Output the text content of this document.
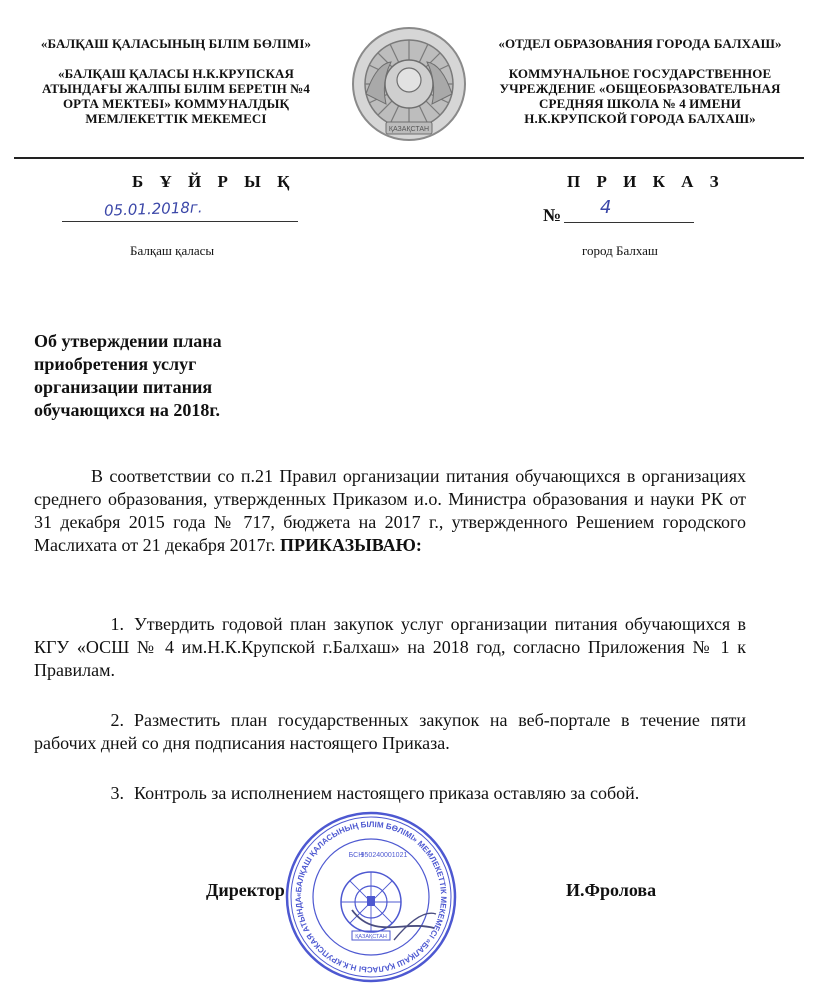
«БАЛҚАШ ҚАЛАСЫНЫҢ БІЛІМ БӨЛІМІ»
«БАЛҚАШ ҚАЛАСЫ Н.К.КРУПСКАЯ
АТЫНДАҒЫ ЖАЛПЫ БІЛІМ БЕРЕТІН №4
ОРТА МЕКТЕБІ» КОММУНАЛДЫҚ
МЕМЛЕКЕТТІК МЕКЕМЕСІ
ҚАЗАҚСТАН
«ОТДЕЛ ОБРАЗОВАНИЯ ГОРОДА БАЛХАШ»
КОММУНАЛЬНОЕ ГОСУДАРСТВЕННОЕ
УЧРЕЖДЕНИЕ «ОБЩЕОБРАЗОВАТЕЛЬНАЯ
СРЕДНЯЯ ШКОЛА № 4 ИМЕНИ
Н.К.КРУПСКОЙ ГОРОДА БАЛХАШ»
Б Ұ Й Р Ы Қ	П Р И К А З
05.01.2018г.	№ 4
Балқаш қаласы	город Балхаш
Об утверждении плана
приобретения услуг
организации питания
обучающихся на 2018г.
В соответствии со п.21 Правил организации питания обучающихся в организациях среднего образования, утвержденных Приказом и.о. Министра образования и науки РК от 31 декабря 2015 года № 717, бюджета на 2017 г., утвержденного Решением городского Маслихата от 21 декабря 2017г. ПРИКАЗЫВАЮ:
1. Утвердить годовой план закупок услуг организации питания обучающихся в КГУ «ОСШ № 4 им.Н.К.Крупской г.Балхаш» на 2018 год, согласно Приложения № 1 к Правилам.
2. Разместить план государственных закупок на веб-портале в течение пяти рабочих дней со дня подписания настоящего Приказа.
3. Контроль за исполнением настоящего приказа оставляю за собой.
«БАЛҚАШ ҚАЛАСЫНЫҢ БІЛІМ БӨЛІМІ» МЕМЛЕКЕТТІК МЕКЕМЕСІ «БАЛҚАШ ҚАЛАСЫ Н.К.КРУПСКАЯ АТЫНДА
БСН
950240001021
ҚАЗАҚСТАН
Директор	И.Фролова
